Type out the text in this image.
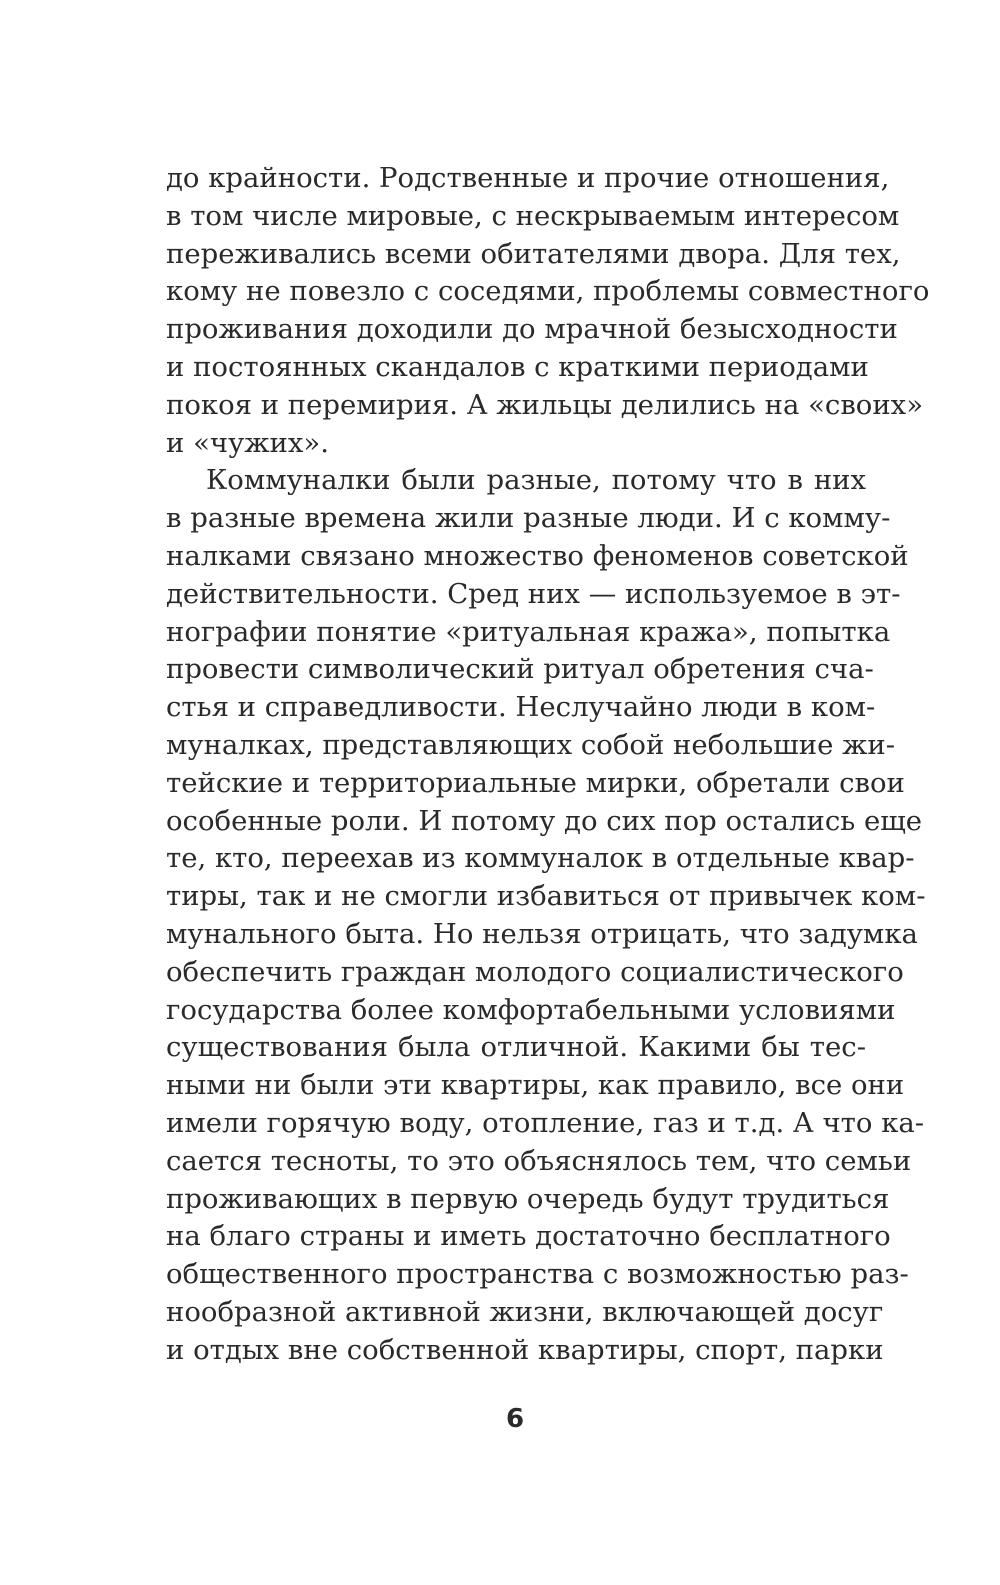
до крайности. Родственные и прочие отношения,
в том числе мировые, с нескрываемым интересом
переживались всеми обитателями двора. Для тех,
кому не повезло с соседями, проблемы совместного
проживания доходили до мрачной безысходности
и постоянных скандалов с краткими периодами
покоя и перемирия. А жильцы делились на «своих»
и «чужих».
Коммуналки были разные, потому что в них
в разные времена жили разные люди. И с комму-
налками связано множество феноменов советской
действительности. Сред них — используемое в эт-
нографии понятие «ритуальная кража», попытка
провести символический ритуал обретения сча-
стья и справедливости. Неслучайно люди в ком-
муналках, представляющих собой небольшие жи-
тейские и территориальные мирки, обретали свои
особенные роли. И потому до сих пор остались еще
те, кто, переехав из коммуналок в отдельные квар-
тиры, так и не смогли избавиться от привычек ком-
мунального быта. Но нельзя отрицать, что задумка
обеспечить граждан молодого социалистического
государства более комфортабельными условиями
существования была отличной. Какими бы тес-
ными ни были эти квартиры, как правило, все они
имели горячую воду, отопление, газ и т.д. А что ка-
сается тесноты, то это объяснялось тем, что семьи
проживающих в первую очередь будут трудиться
на благо страны и иметь достаточно бесплатного
общественного пространства с возможностью раз-
нообразной активной жизни, включающей досуг
и отдых вне собственной квартиры, спорт, парки
6
